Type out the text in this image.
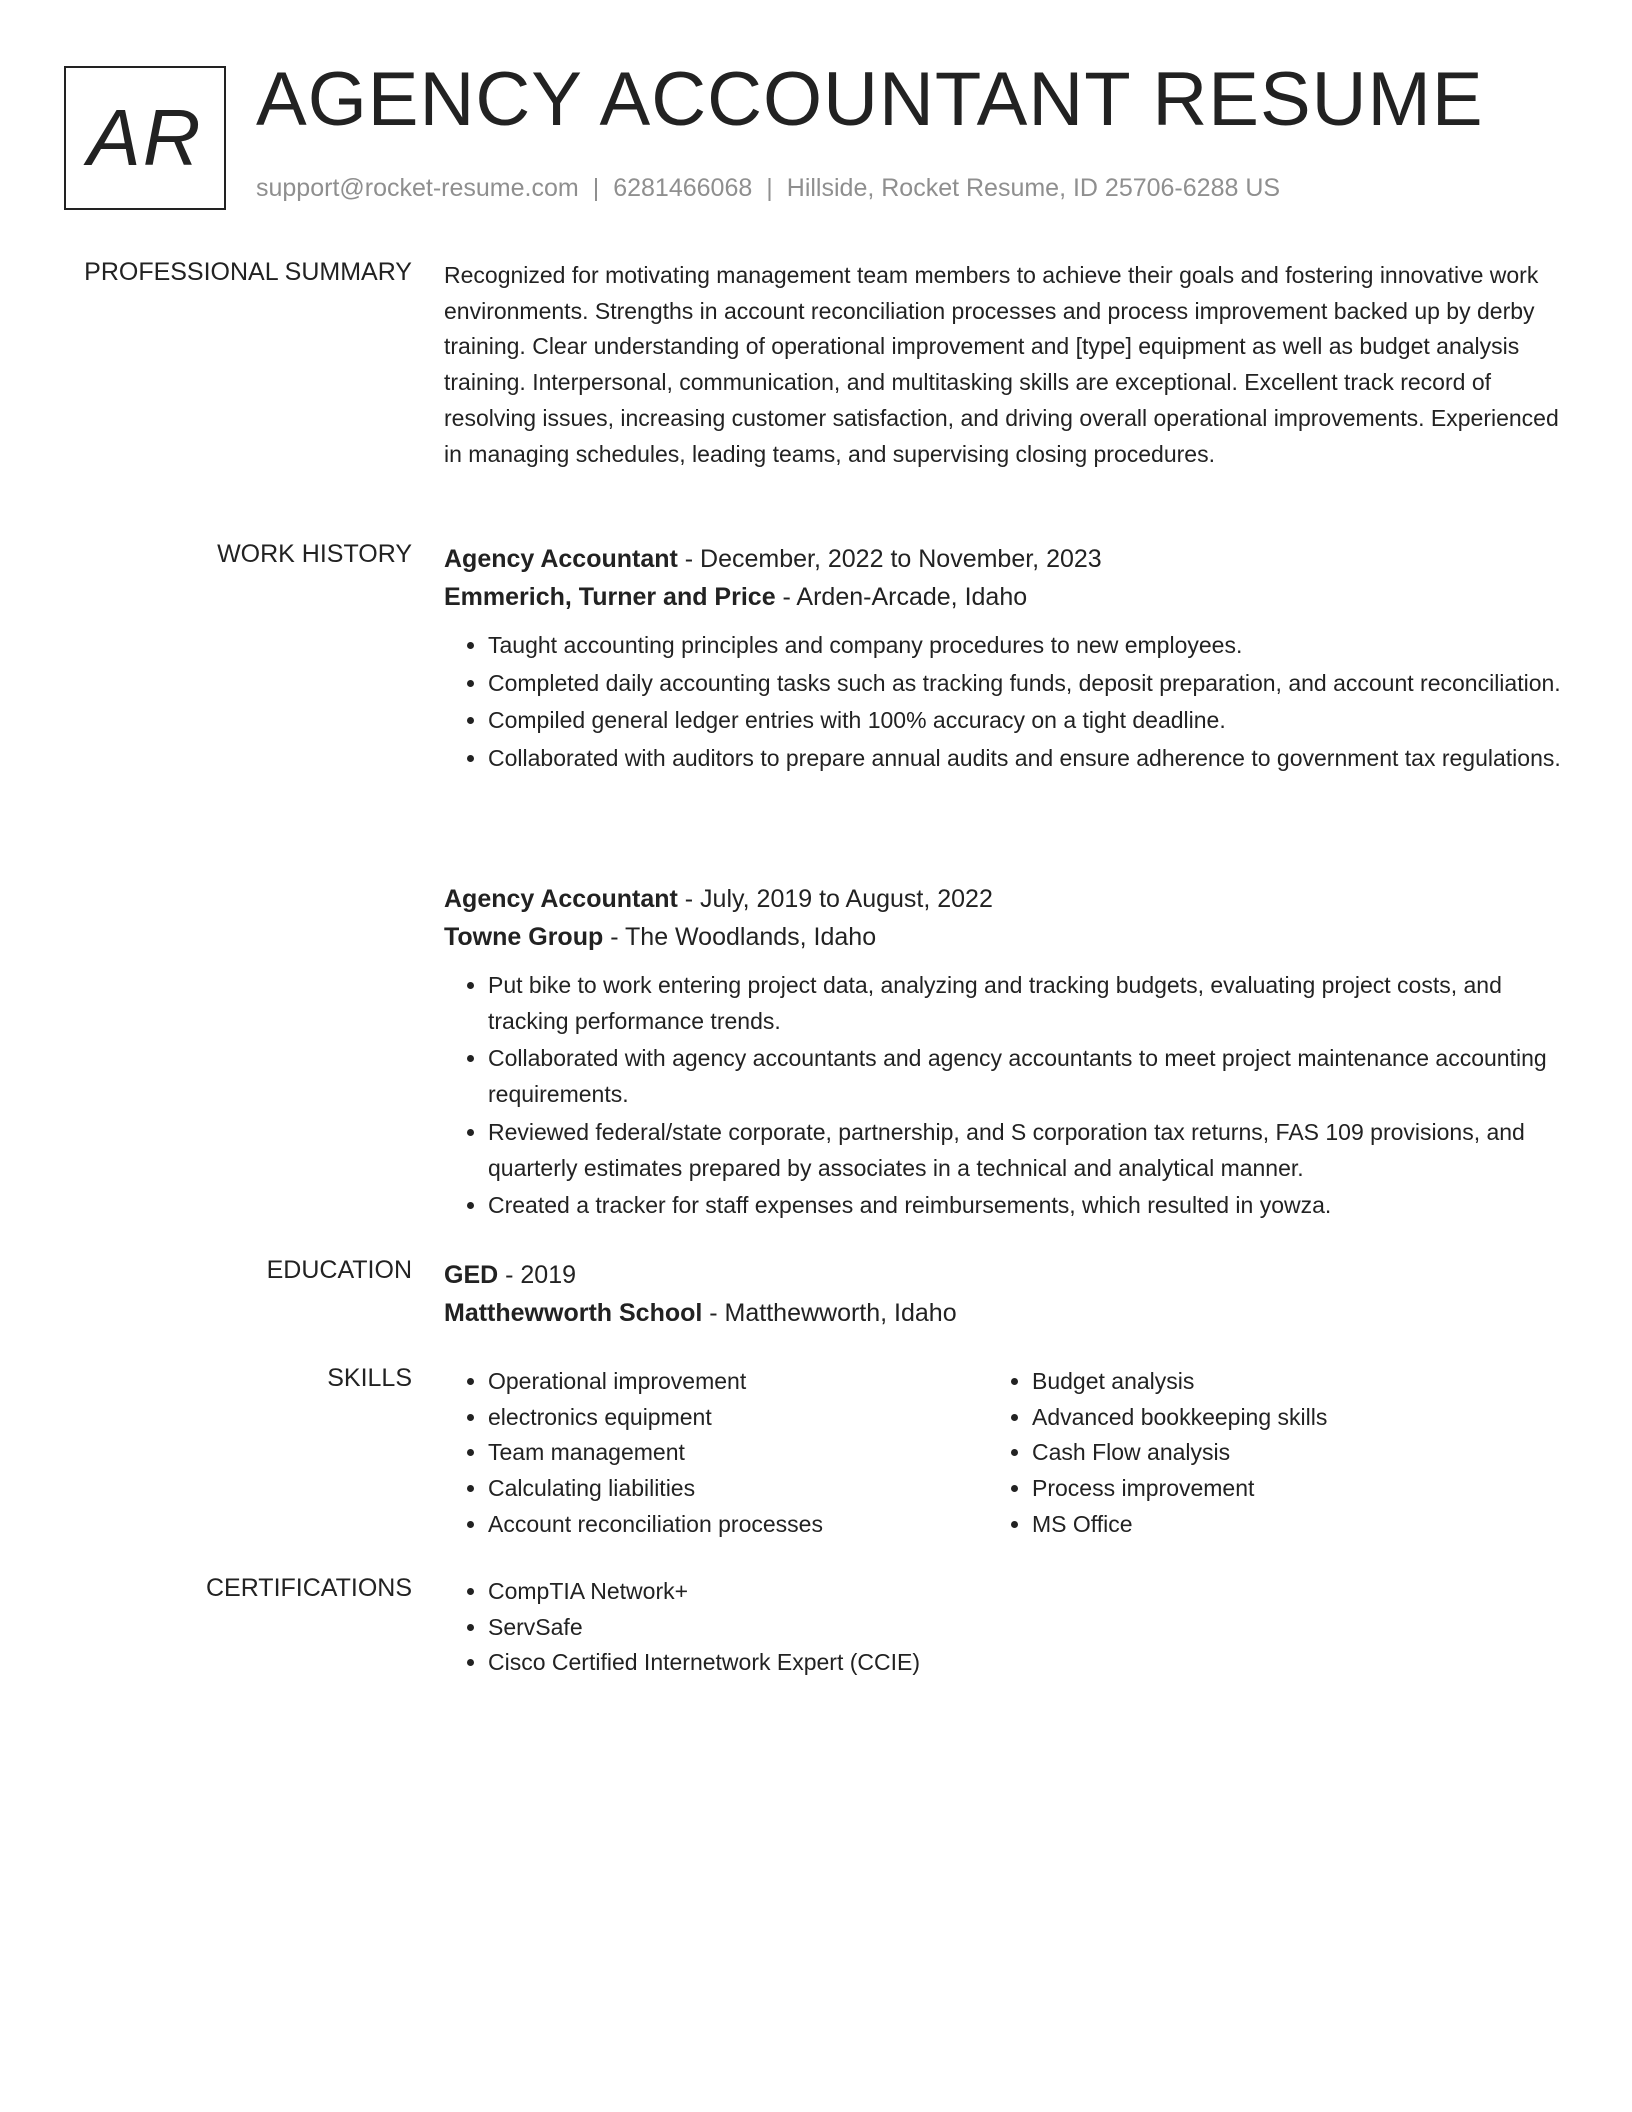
AR AGENCY ACCOUNTANT RESUME
support@rocket-resume.com | 6281466068 | Hillside, Rocket Resume, ID 25706-6288 US
PROFESSIONAL SUMMARY Recognized for motivating management team members to achieve their goals and fostering innovative work environments. Strengths in account reconciliation processes and process improvement backed up by derby training. Clear understanding of operational improvement and [type] equipment as well as budget analysis training. Interpersonal, communication, and multitasking skills are exceptional. Excellent track record of resolving issues, increasing customer satisfaction, and driving overall operational improvements. Experienced in managing schedules, leading teams, and supervising closing procedures.

WORK HISTORY Agency Accountant - December, 2022 to November, 2023
Emmerich, Turner and Price - Arden-Arcade, Idaho
• Taught accounting principles and company procedures to new employees.
• Completed daily accounting tasks such as tracking funds, deposit preparation, and account reconciliation.
• Compiled general ledger entries with 100% accuracy on a tight deadline.
• Collaborated with auditors to prepare annual audits and ensure adherence to government tax regulations.
Agency Accountant - July, 2019 to August, 2022
Towne Group - The Woodlands, Idaho
• Put bike to work entering project data, analyzing and tracking budgets, evaluating project costs, and tracking performance trends.
• Collaborated with agency accountants and agency accountants to meet project maintenance accounting requirements.
• Reviewed federal/state corporate, partnership, and S corporation tax returns, FAS 109 provisions, and quarterly estimates prepared by associates in a technical and analytical manner.
• Created a tracker for staff expenses and reimbursements, which resulted in yowza.
EDUCATION GED - 2019
Matthewworth School - Matthewworth, Idaho
SKILLS	• Operational improvement
• electronics equipment
• Team management
• Calculating liabilities
• Account reconciliation processes
• Budget analysis
• Advanced bookkeeping skills
• Cash Flow analysis
• Process improvement
• MS Office
CERTIFICATIONS	• CompTIA Network+
• ServSafe
• Cisco Certified Internetwork Expert (CCIE)
